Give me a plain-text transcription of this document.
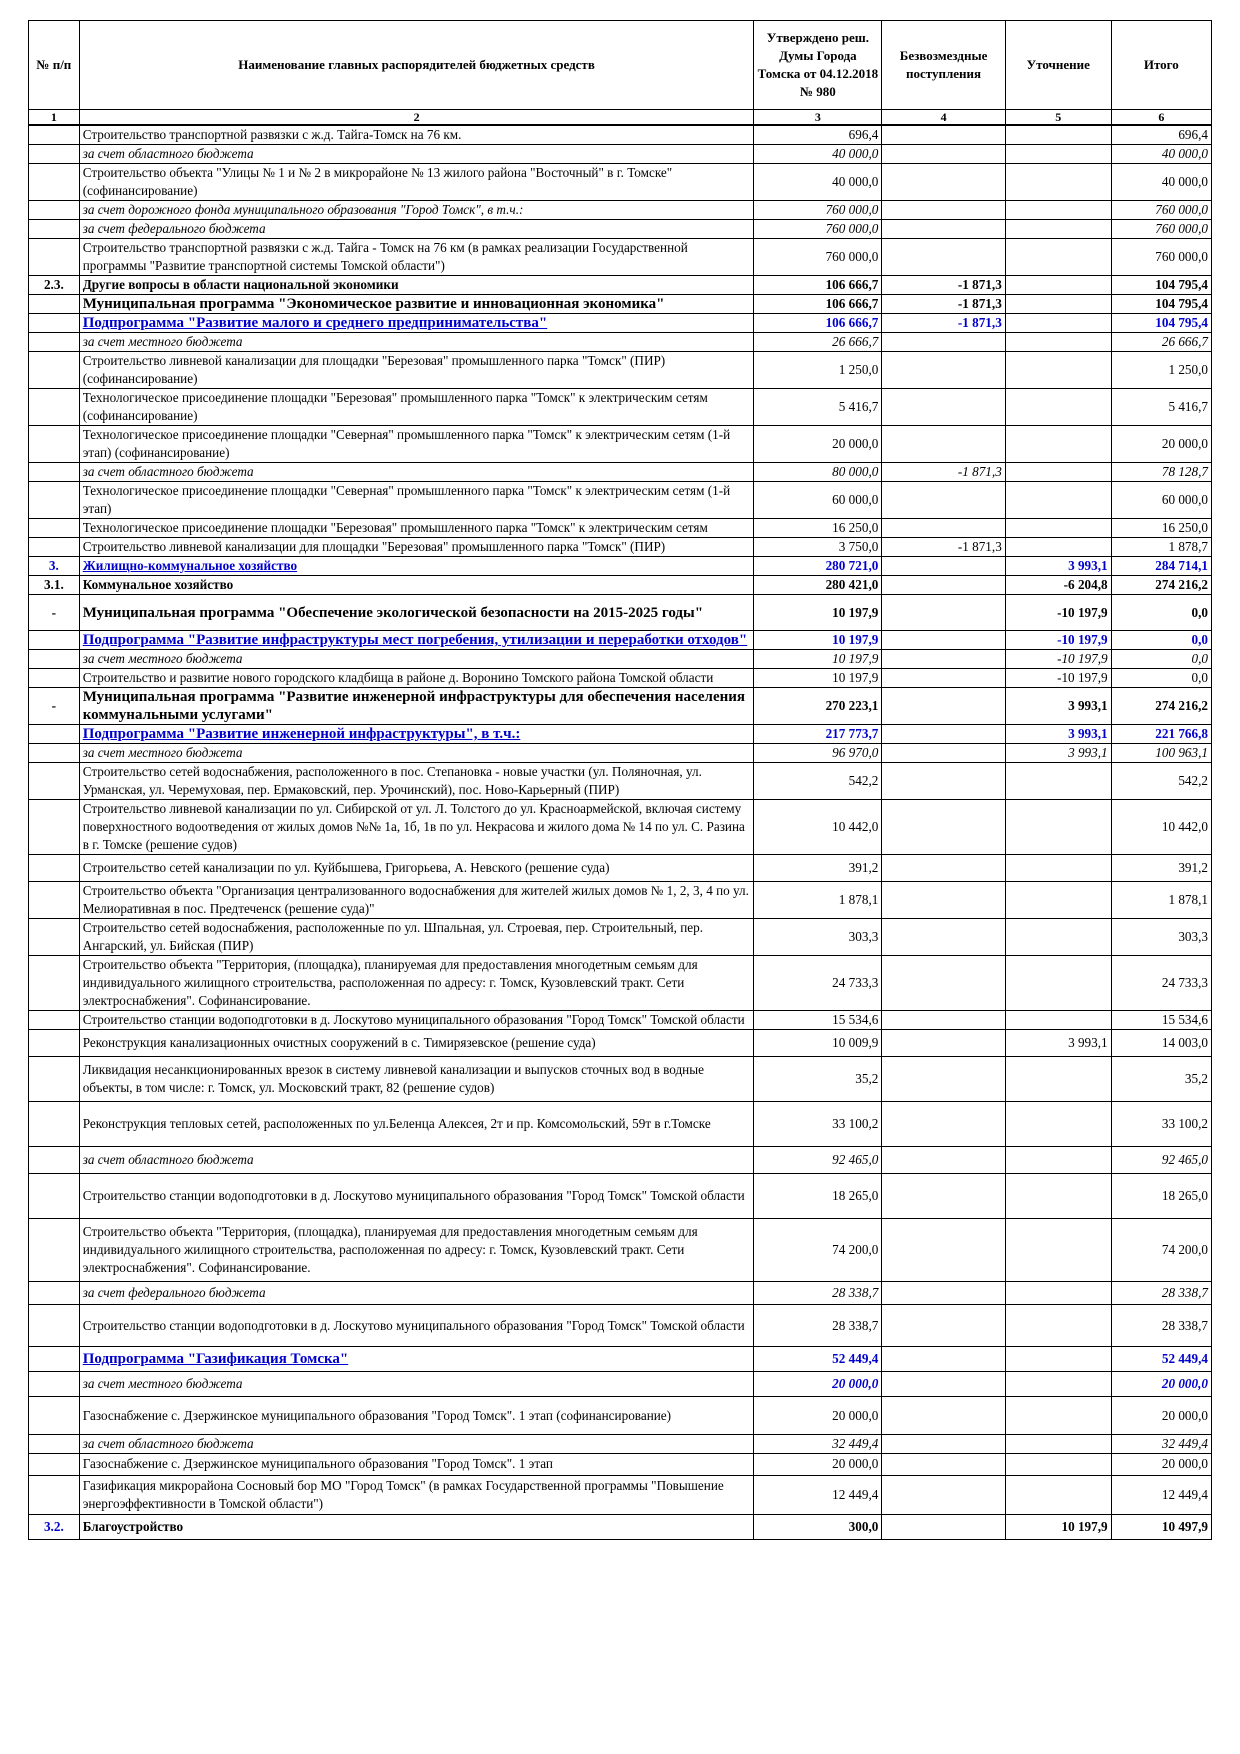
№ п/п	Наименование главных распорядителей бюджетных средств	Утверждено реш. Думы Города Томска от 04.12.2018 № 980	Безвозмездные поступления	Уточнение	Итого
1	2	3	4	5	6
	Строительство транспортной развязки с ж.д. Тайга-Томск на 76 км.	696,4			696,4
	за счет областного бюджета	40 000,0			40 000,0
	Строительство объекта "Улицы № 1 и № 2 в микрорайоне № 13 жилого района "Восточный" в г. Томске" (софинансирование)	40 000,0			40 000,0
	за счет дорожного фонда муниципального образования "Город Томск", в т.ч.:	760 000,0			760 000,0
	за счет федерального бюджета	760 000,0			760 000,0
	Строительство транспортной развязки с ж.д. Тайга - Томск на 76 км (в рамках реализации Государственной программы "Развитие транспортной системы Томской области")	760 000,0			760 000,0
2.3.	Другие вопросы в области национальной экономики	106 666,7	-1 871,3		104 795,4
	Муниципальная программа "Экономическое развитие и инновационная экономика"	106 666,7	-1 871,3		104 795,4
	Подпрограмма "Развитие малого и среднего предпринимательства"	106 666,7	-1 871,3		104 795,4
	за счет местного бюджета	26 666,7			26 666,7
	Строительство ливневой канализации для площадки "Березовая" промышленного парка "Томск" (ПИР) (софинансирование)	1 250,0			1 250,0
	Технологическое присоединение площадки "Березовая" промышленного парка "Томск" к электрическим сетям (софинансирование)	5 416,7			5 416,7
	Технологическое присоединение площадки "Северная" промышленного парка "Томск" к электрическим сетям (1-й этап) (софинансирование)	20 000,0			20 000,0
	за счет областного бюджета	80 000,0	-1 871,3		78 128,7
	Технологическое присоединение площадки "Северная" промышленного парка "Томск" к электрическим сетям (1-й этап)	60 000,0			60 000,0
	Технологическое присоединение площадки "Березовая" промышленного парка "Томск" к электрическим сетям	16 250,0			16 250,0
	Строительство ливневой канализации для площадки "Березовая" промышленного парка "Томск" (ПИР)	3 750,0	-1 871,3		1 878,7
3.	Жилищно-коммунальное хозяйство	280 721,0		3 993,1	284 714,1
3.1.	Коммунальное хозяйство	280 421,0		-6 204,8	274 216,2
-	Муниципальная программа "Обеспечение экологической безопасности на 2015-2025 годы"	10 197,9		-10 197,9	0,0
	Подпрограмма "Развитие инфраструктуры мест погребения, утилизации и переработки отходов"	10 197,9		-10 197,9	0,0
	за счет местного бюджета	10 197,9		-10 197,9	0,0
	Строительство и развитие нового городского кладбища в районе д. Воронино Томского района Томской области	10 197,9		-10 197,9	0,0
-	Муниципальная программа "Развитие инженерной инфраструктуры для обеспечения населения коммунальными услугами"	270 223,1		3 993,1	274 216,2
	Подпрограмма "Развитие инженерной инфраструктуры", в т.ч.:	217 773,7		3 993,1	221 766,8
	за счет местного бюджета	96 970,0		3 993,1	100 963,1
	Строительство сетей водоснабжения, расположенного в пос. Степановка - новые участки (ул. Поляночная, ул. Урманская, ул. Черемуховая, пер. Ермаковский, пер. Урочинский), пос. Ново-Карьерный (ПИР)	542,2			542,2
	Строительство ливневой канализации по ул. Сибирской от ул. Л. Толстого до ул. Красноармейской, включая систему поверхностного водоотведения от жилых домов №№ 1а, 1б, 1в по ул. Некрасова и жилого дома № 14 по ул. С. Разина в г. Томске (решение судов)	10 442,0			10 442,0
	Строительство сетей канализации по ул. Куйбышева, Григорьева, А. Невского (решение суда)	391,2			391,2
	Строительство объекта "Организация централизованного водоснабжения для жителей жилых домов № 1, 2, 3, 4 по ул. Мелиоративная в пос. Предтеченск (решение суда)"	1 878,1			1 878,1
	Строительство сетей водоснабжения, расположенные по ул. Шпальная, ул. Строевая, пер. Строительный, пер. Ангарский, ул. Бийская (ПИР)	303,3			303,3
	Строительство объекта "Территория, (площадка), планируемая для предоставления многодетным семьям для индивидуального жилищного строительства, расположенная по адресу: г. Томск, Кузовлевский тракт. Сети электроснабжения". Софинансирование.	24 733,3			24 733,3
	Строительство станции водоподготовки в д. Лоскутово муниципального образования "Город Томск" Томской области	15 534,6			15 534,6
	Реконструкция канализационных очистных сооружений в с. Тимирязевское (решение суда)	10 009,9		3 993,1	14 003,0
	Ликвидация несанкционированных врезок в систему ливневой канализации и выпусков сточных вод в водные объекты, в том числе: г. Томск, ул. Московский тракт, 82 (решение судов)	35,2			35,2
	Реконструкция тепловых сетей, расположенных по ул.Беленца Алексея, 2т и пр. Комсомольский, 59т в г.Томске	33 100,2			33 100,2
	за счет областного бюджета	92 465,0			92 465,0
	Строительство станции водоподготовки в д. Лоскутово муниципального образования "Город Томск" Томской области	18 265,0			18 265,0
	Строительство объекта "Территория, (площадка), планируемая для предоставления многодетным семьям для индивидуального жилищного строительства, расположенная по адресу: г. Томск, Кузовлевский тракт. Сети электроснабжения". Софинансирование.	74 200,0			74 200,0
	за счет федерального бюджета	28 338,7			28 338,7
	Строительство станции водоподготовки в д. Лоскутово муниципального образования "Город Томск" Томской области	28 338,7			28 338,7
	Подпрограмма "Газификация Томска"	52 449,4			52 449,4
	за счет местного бюджета	20 000,0			20 000,0
	Газоснабжение с. Дзержинское муниципального образования "Город Томск". 1 этап (софинансирование)	20 000,0			20 000,0
	за счет областного бюджета	32 449,4			32 449,4
	Газоснабжение с. Дзержинское муниципального образования "Город Томск". 1 этап	20 000,0			20 000,0
	Газификация микрорайона Сосновый бор МО "Город Томск" (в рамках Государственной программы "Повышение энергоэффективности в Томской области")	12 449,4			12 449,4
3.2.	Благоустройство	300,0		10 197,9	10 497,9
